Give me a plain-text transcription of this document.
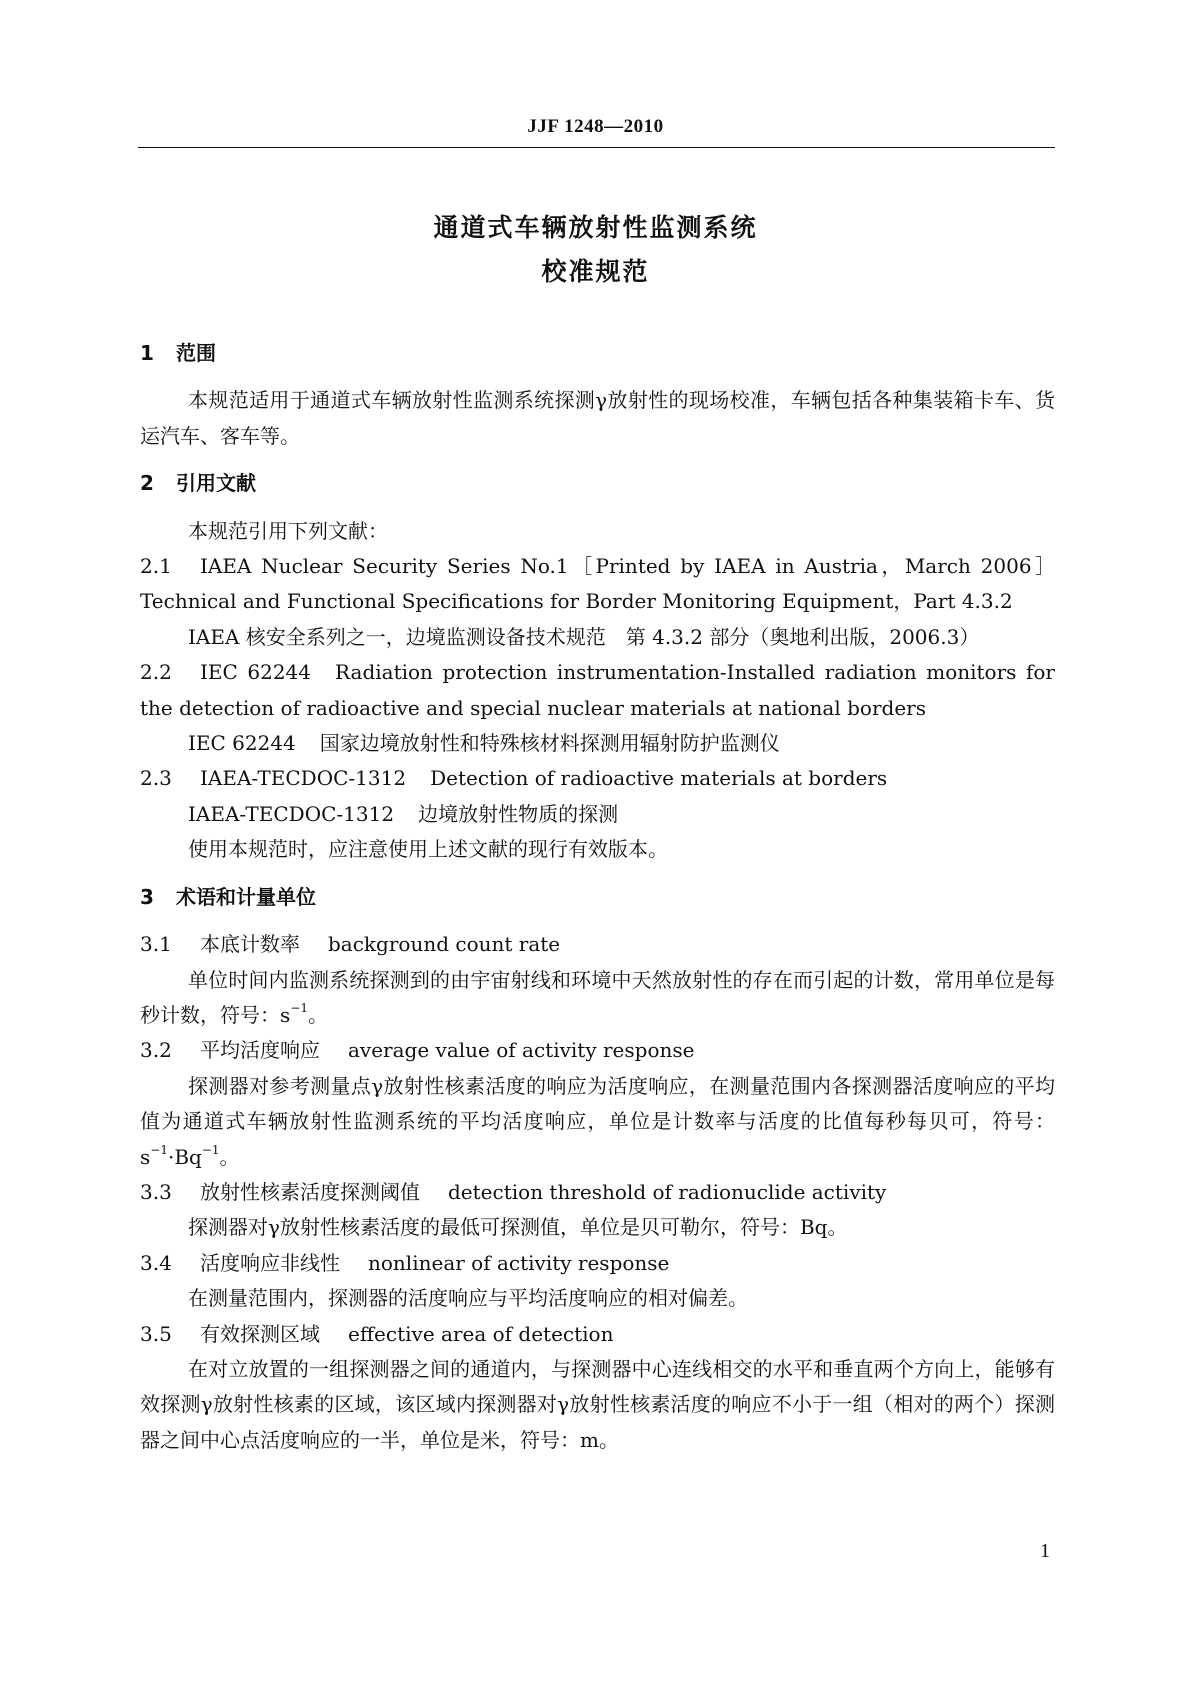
JJF 1248—2010
通道式车辆放射性监测系统
校准规范
1 范围

本规范适用于通道式车辆放射性监测系统探测γ放射性的现场校准，车辆包括各种集装箱卡车、货运汽车、客车等。

2 引用文献

本规范引用下列文献：

2.1 IAEA Nuclear Security Series No.1［Printed by IAEA in Austria，March 2006］ Technical and Functional Specifications for Border Monitoring Equipment，Part 4.3.2

IAEA 核安全系列之一，边境监测设备技术规范　第 4.3.2 部分（奥地利出版，2006.3）

2.2 IEC 62244 Radiation protection instrumentation-Installed radiation monitors for the detection of radioactive and special nuclear materials at national borders

IEC 62244 国家边境放射性和特殊核材料探测用辐射防护监测仪

2.3 IAEA-TECDOC-1312 Detection of radioactive materials at borders

IAEA-TECDOC-1312 边境放射性物质的探测

使用本规范时，应注意使用上述文献的现行有效版本。

3 术语和计量单位

3.1 本底计数率 background count rate

单位时间内监测系统探测到的由宇宙射线和环境中天然放射性的存在而引起的计数，常用单位是每秒计数，符号：$s^{-1}$。

3.2 平均活度响应 average value of activity response

探测器对参考测量点γ放射性核素活度的响应为活度响应，在测量范围内各探测器活度响应的平均值为通道式车辆放射性监测系统的平均活度响应，单位是计数率与活度的比值每秒每贝可，符号：$s^{-1}\cdot Bq^{-1}$。

3.3 放射性核素活度探测阈值 detection threshold of radionuclide activity

探测器对γ放射性核素活度的最低可探测值，单位是贝可勒尔，符号：Bq。

3.4 活度响应非线性 nonlinear of activity response

在测量范围内，探测器的活度响应与平均活度响应的相对偏差。

3.5 有效探测区域 effective area of detection

在对立放置的一组探测器之间的通道内，与探测器中心连线相交的水平和垂直两个方向上，能够有效探测γ放射性核素的区域，该区域内探测器对γ放射性核素活度的响应不小于一组（相对的两个）探测器之间中心点活度响应的一半，单位是米，符号：m。

1
